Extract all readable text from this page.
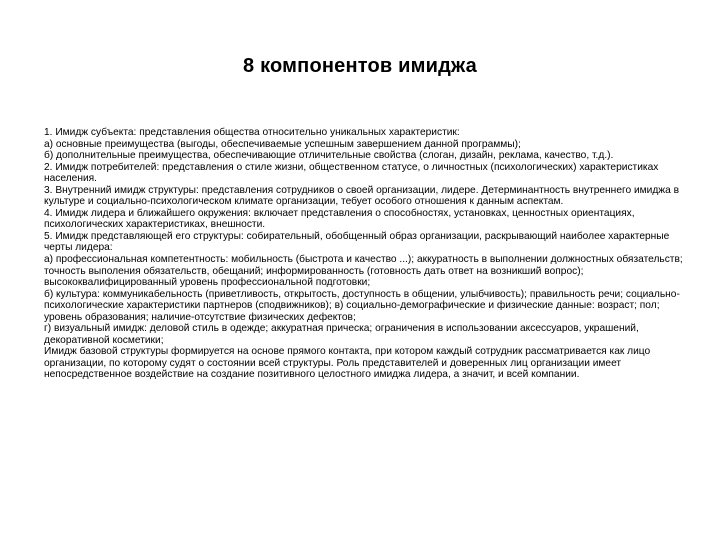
8 компонентов имиджа
1. Имидж субъекта: представления общества относительно уникальных характеристик:
а) основные преимущества (выгоды, обеспечиваемые успешным завершением данной программы);
б) дополнительные преимущества, обеспечивающие отличительные свойства (слоган, дизайн, реклама, качество, т.д.).
2. Имидж потребителей: представления о стиле жизни, общественном статусе, о личностных (психологических) характеристиках населения.
3. Внутренний имидж структуры: представления сотрудников о своей организации, лидере. Детерминантность внутреннего имиджа в культуре и социально-психологическом климате организации, тебует особого отношения к данным аспектам.
4. Имидж лидера и ближайшего окружения: включает представления о способностях, установках, ценностных ориентациях, психологических характеристиках, внешности.
5. Имидж представляющей его структуры: собирательный, обобщенный образ организации, раскрывающий наиболее характерные черты лидера:
а) профессиональная компетентность: мобильность (быстрота и качество ...); аккуратность в выполнении должностных обязательств; точность выполения обязательств, обещаний; информированность (готовность дать ответ на возникший вопрос); высококвалифицированный уровень профессиональной подготовки;
б) культура: коммуникабельность (приветливость, открытость, доступность в общении, улыбчивость); правильность речи; социально-психологические характеристики партнеров (сподвижников); в) социально-демографические и физические данные: возраст; пол; уровень образования; наличие-отсутствие физических дефектов;
г) визуальный имидж: деловой стиль в одежде; аккуратная прическа; ограничения в использовании аксессуаров, украшений, декоративной косметики;
Имидж базовой структуры формируется на основе прямого контакта, при котором каждый сотрудник рассматривается как лицо организации, по которому судят о состоянии всей структуры. Роль представителей и доверенных лиц организации имеет непосредственное воздействие на создание позитивного целостного имиджа лидера, а значит, и всей компании.
